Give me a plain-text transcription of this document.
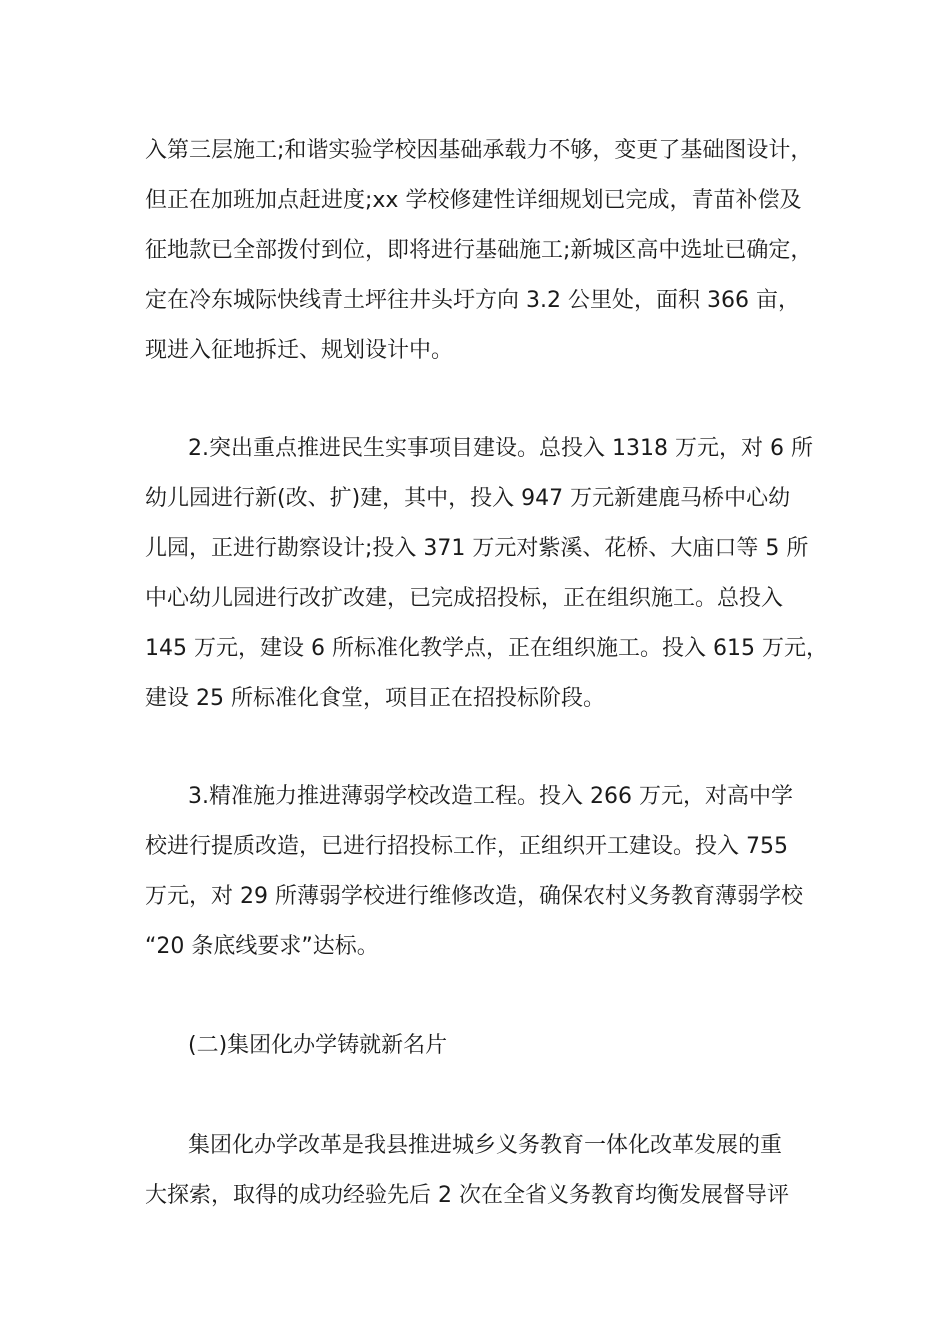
入第三层施工;和谐实验学校因基础承载力不够，变更了基础图设计，
但正在加班加点赶进度;xx 学校修建性详细规划已完成，青苗补偿及
征地款已全部拨付到位，即将进行基础施工;新城区高中选址已确定，
定在冷东城际快线青土坪往井头圩方向 3.2 公里处，面积 366 亩，
现进入征地拆迁、规划设计中。
2.突出重点推进民生实事项目建设。总投入 1318 万元，对 6 所
幼儿园进行新(改、扩)建，其中，投入 947 万元新建鹿马桥中心幼
儿园，正进行勘察设计;投入 371 万元对紫溪、花桥、大庙口等 5 所
中心幼儿园进行改扩改建，已完成招投标，正在组织施工。总投入
145 万元，建设 6 所标准化教学点，正在组织施工。投入 615 万元，
建设 25 所标准化食堂，项目正在招投标阶段。
3.精准施力推进薄弱学校改造工程。投入 266 万元，对高中学
校进行提质改造，已进行招投标工作，正组织开工建设。投入 755
万元，对 29 所薄弱学校进行维修改造，确保农村义务教育薄弱学校
“20 条底线要求”达标。
(二)集团化办学铸就新名片
集团化办学改革是我县推进城乡义务教育一体化改革发展的重
大探索，取得的成功经验先后 2 次在全省义务教育均衡发展督导评
